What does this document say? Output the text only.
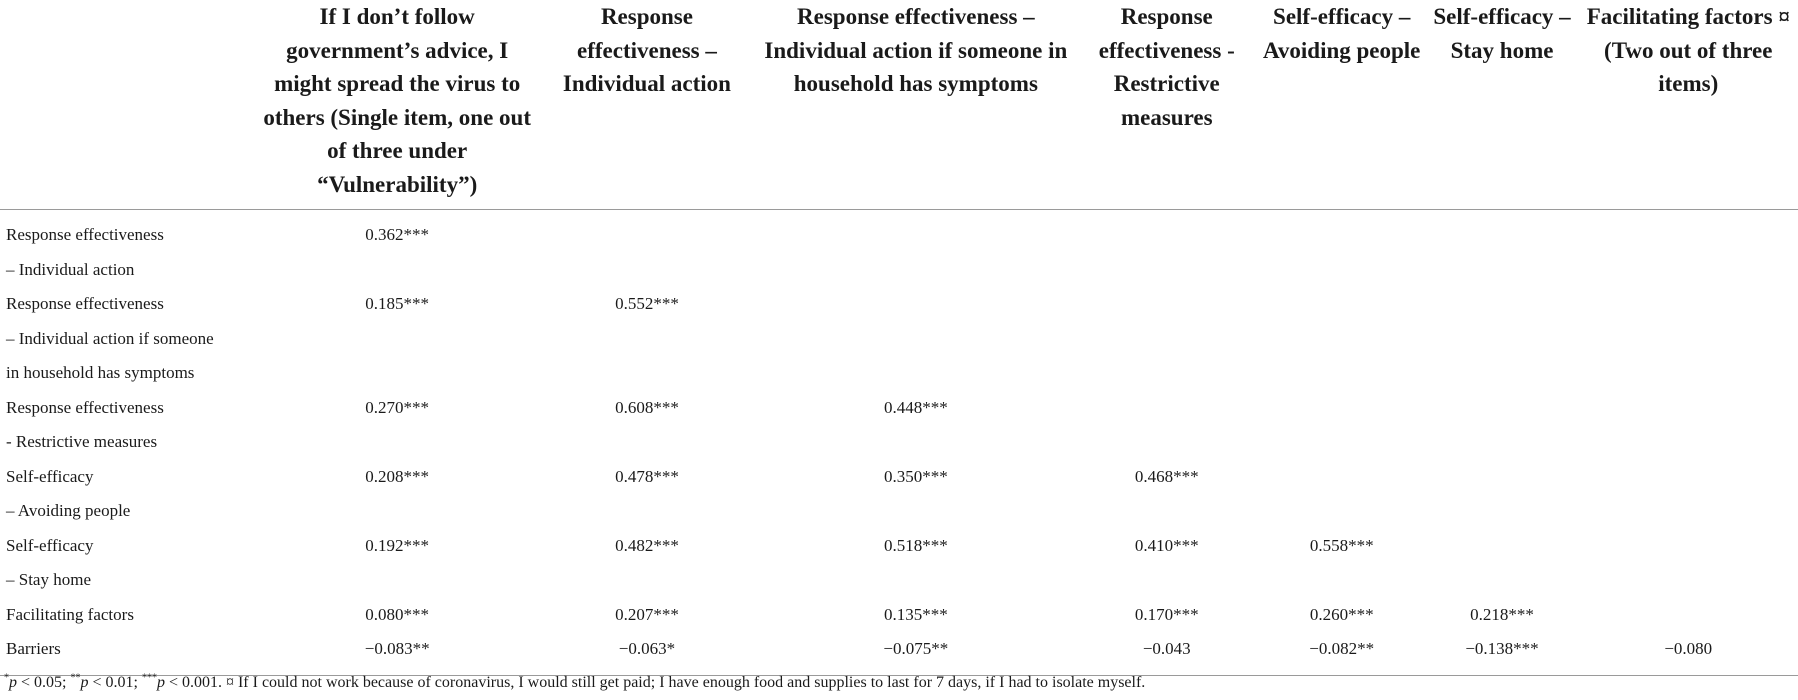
	If I don’t follow government’s advice, I might spread the virus to others (Single item, one out of three under “Vulnerability”)	Response effectiveness – Individual action	Response effectiveness – Individual action if someone in household has symptoms	Response effectiveness - Restrictive measures	Self-efficacy – Avoiding people	Self-efficacy – Stay home	Facilitating factors ¤ (Two out of three items)

Response effectiveness
– Individual action	0.362***						

Response effectiveness
– Individual action if someone
in household has symptoms	0.185***	0.552***					

Response effectiveness
- Restrictive measures	0.270***	0.608***	0.448***				

Self-efficacy
– Avoiding people	0.208***	0.478***	0.350***	0.468***			

Self-efficacy
– Stay home	0.192***	0.482***	0.518***	0.410***	0.558***		

Facilitating factors	0.080***	0.207***	0.135***	0.170***	0.260***	0.218***	

Barriers	−0.083**	−0.063*	−0.075**	−0.043	−0.082**	−0.138***	−0.080
*p < 0.05; **p < 0.01; ***p < 0.001. ¤ If I could not work because of coronavirus, I would still get paid; I have enough food and supplies to last for 7 days, if I had to isolate myself.
